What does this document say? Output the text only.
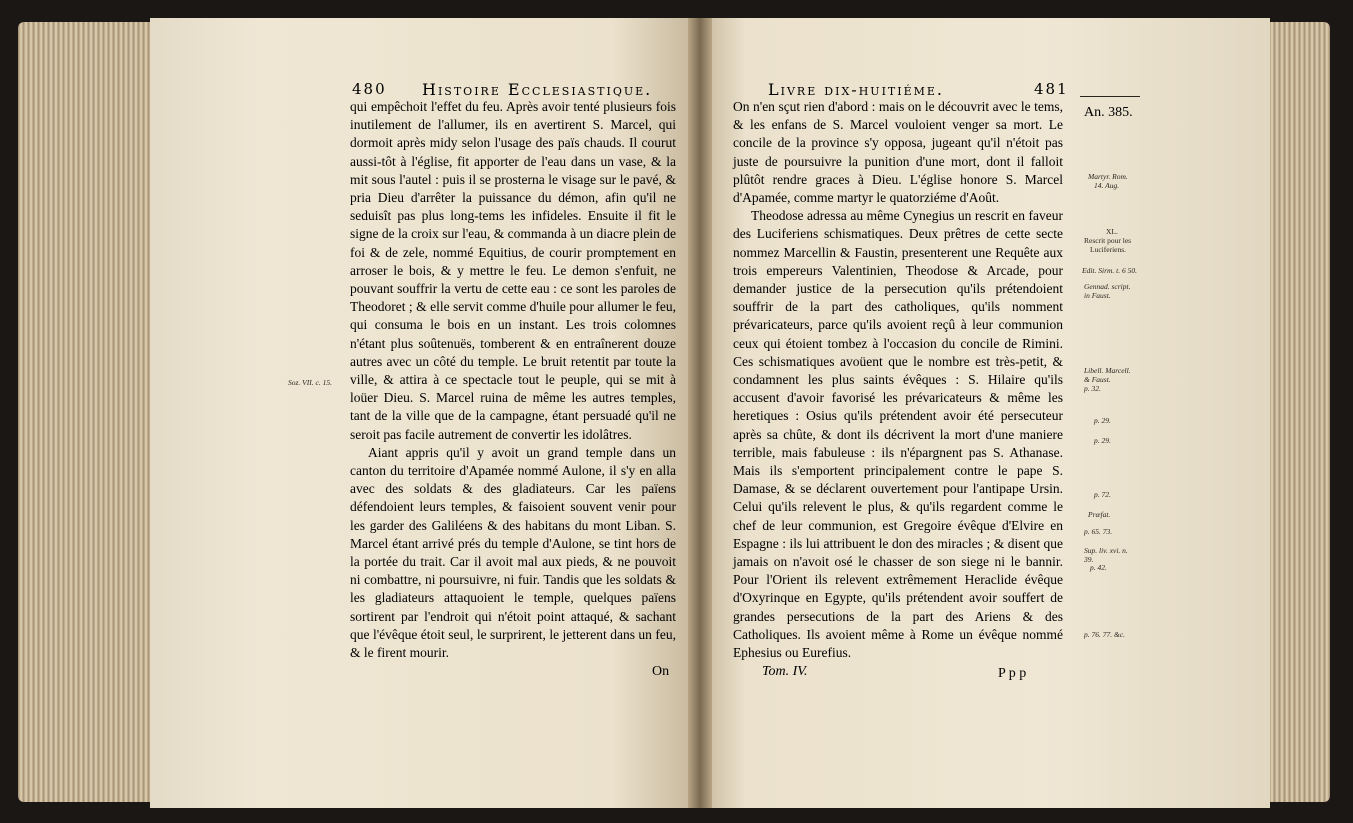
480 Histoire Ecclesiastique.

qui empêchoit l'effet du feu. Après avoir tenté plusieurs fois inutilement de l'allumer, ils en avertirent S. Marcel, qui dormoit après midy selon l'usage des païs chauds. Il courut aussi-tôt à l'église, fit apporter de l'eau dans un vase, & la mit sous l'autel : puis il se prosterna le visage sur le pavé, & pria Dieu d'arrêter la puissance du démon, afin qu'il ne seduisît pas plus long-tems les infideles. Ensuite il fit le signe de la croix sur l'eau, & commanda à un diacre plein de foi & de zele, nommé Equitius, de courir promptement en arroser le bois, & y mettre le feu. Le demon s'enfuit, ne pouvant souffrir la vertu de cette eau : ce sont les paroles de Theodoret ; & elle servit comme d'huile pour allumer le feu, qui consuma le bois en un instant. Les trois colomnes n'étant plus soûtenuës, tomberent & en entraînerent douze autres avec un côté du temple. Le bruit retentit par toute la ville, & attira à ce spectacle tout le peuple, qui se mit à loüer Dieu. S. Marcel ruina de même les autres temples, tant de la ville que de la campagne, étant persuadé qu'il ne seroit pas facile autrement de convertir les idolâtres.

Aiant appris qu'il y avoit un grand temple dans un canton du territoire d'Apamée nommé Aulone, il s'y en alla avec des soldats & des gladiateurs. Car les païens défendoient leurs temples, & faisoient souvent venir pour les garder des Galiléens & des habitans du mont Liban. S. Marcel étant arrivé prés du temple d'Aulone, se tint hors de la portée du trait. Car il avoit mal aux pieds, & ne pouvoit ni combattre, ni poursuivre, ni fuir. Tandis que les soldats & les gladiateurs attaquoient le temple, quelques païens sortirent par l'endroit qui n'étoit point attaqué, & sachant que l'évêque étoit seul, le surprirent, le jetterent dans un feu, & le firent mourir.

On
Soz. VII. c. 15.
Livre dix-huitiéme.	481

On n'en sçut rien d'abord : mais on le découvrit avec le tems, & les enfans de S. Marcel vouloient venger sa mort. Le concile de la province s'y opposa, jugeant qu'il n'étoit pas juste de poursuivre la punition d'une mort, dont il falloit plûtôt rendre graces à Dieu. L'église honore S. Marcel d'Apamée, comme martyr le quatorziéme d'Août.

Theodose adressa au même Cynegius un rescrit en faveur des Luciferiens schismatiques. Deux prêtres de cette secte nommez Marcellin & Faustin, presenterent une Requête aux trois empereurs Valentinien, Theodose & Arcade, pour demander justice de la persecution qu'ils prétendoient souffrir de la part des catholiques, qu'ils nomment prévaricateurs, parce qu'ils avoient reçû à leur communion ceux qui étoient tombez à l'occasion du concile de Rimini. Ces schismatiques avoüent que le nombre est très-petit, & condamnent les plus saints évêques : S. Hilaire qu'ils accusent d'avoir favorisé les prévaricateurs & même les heretiques : Osius qu'ils prétendent avoir été persecuteur après sa chûte, & dont ils décrivent la mort d'une maniere terrible, mais fabuleuse : ils n'épargnent pas S. Athanase. Mais ils s'emportent principalement contre le pape S. Damase, & se déclarent ouvertement pour l'antipape Ursin. Celui qu'ils relevent le plus, & qu'ils regardent comme le chef de leur communion, est Gregoire évêque d'Elvire en Espagne : ils lui attribuent le don des miracles ; & disent que jamais on n'avoit osé le chasser de son siege ni le bannir. Pour l'Orient ils relevent extrêmement Heraclide évêque d'Oxyrinque en Egypte, qu'ils prétendent avoir souffert de grandes persecutions de la part des Ariens & des Catholiques. Ils avoient même à Rome un évêque nommé Ephesius ou Eurefius.

Tom. IV.	P p p
An. 385.
Martyr. Rom.
14. Aug.
XL.
Rescrit pour les
Luciferiens.
Edit. Sirm. t. 6 50.
Gennad. script.
in Faust.
Libell. Marcell.
& Faust.
p. 32.
p. 29.
p. 29.
p. 72.
Præfat.
p. 65. 73.
Sup. liv. xvi. n.
39.
p. 42.
p. 76. 77. &c.
